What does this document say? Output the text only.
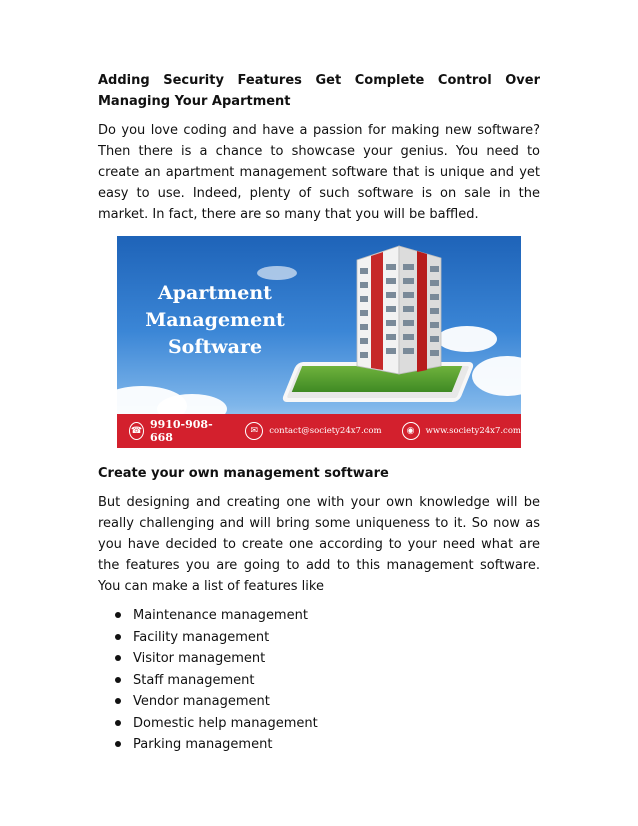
Adding Security Features Get Complete Control Over Managing Your Apartment

Do you love coding and have a passion for making new software? Then there is a chance to showcase your genius. You need to create an apartment management software that is unique and yet easy to use. Indeed, plenty of such software is on sale in the market. In fact, there are so many that you will be baffled.

Apartment
Management
Software
☎ 9910-908-668
✉	contact@society24x7.com	◉	www.society24x7.com

Create your own management software

But designing and creating one with your own knowledge will be really challenging and will bring some uniqueness to it. So now as you have decided to create one according to your need what are the features you are going to add to this management software. You can make a list of features like

Maintenance management
Facility management
Visitor management
Staff management
Vendor management
Domestic help management
Parking management
